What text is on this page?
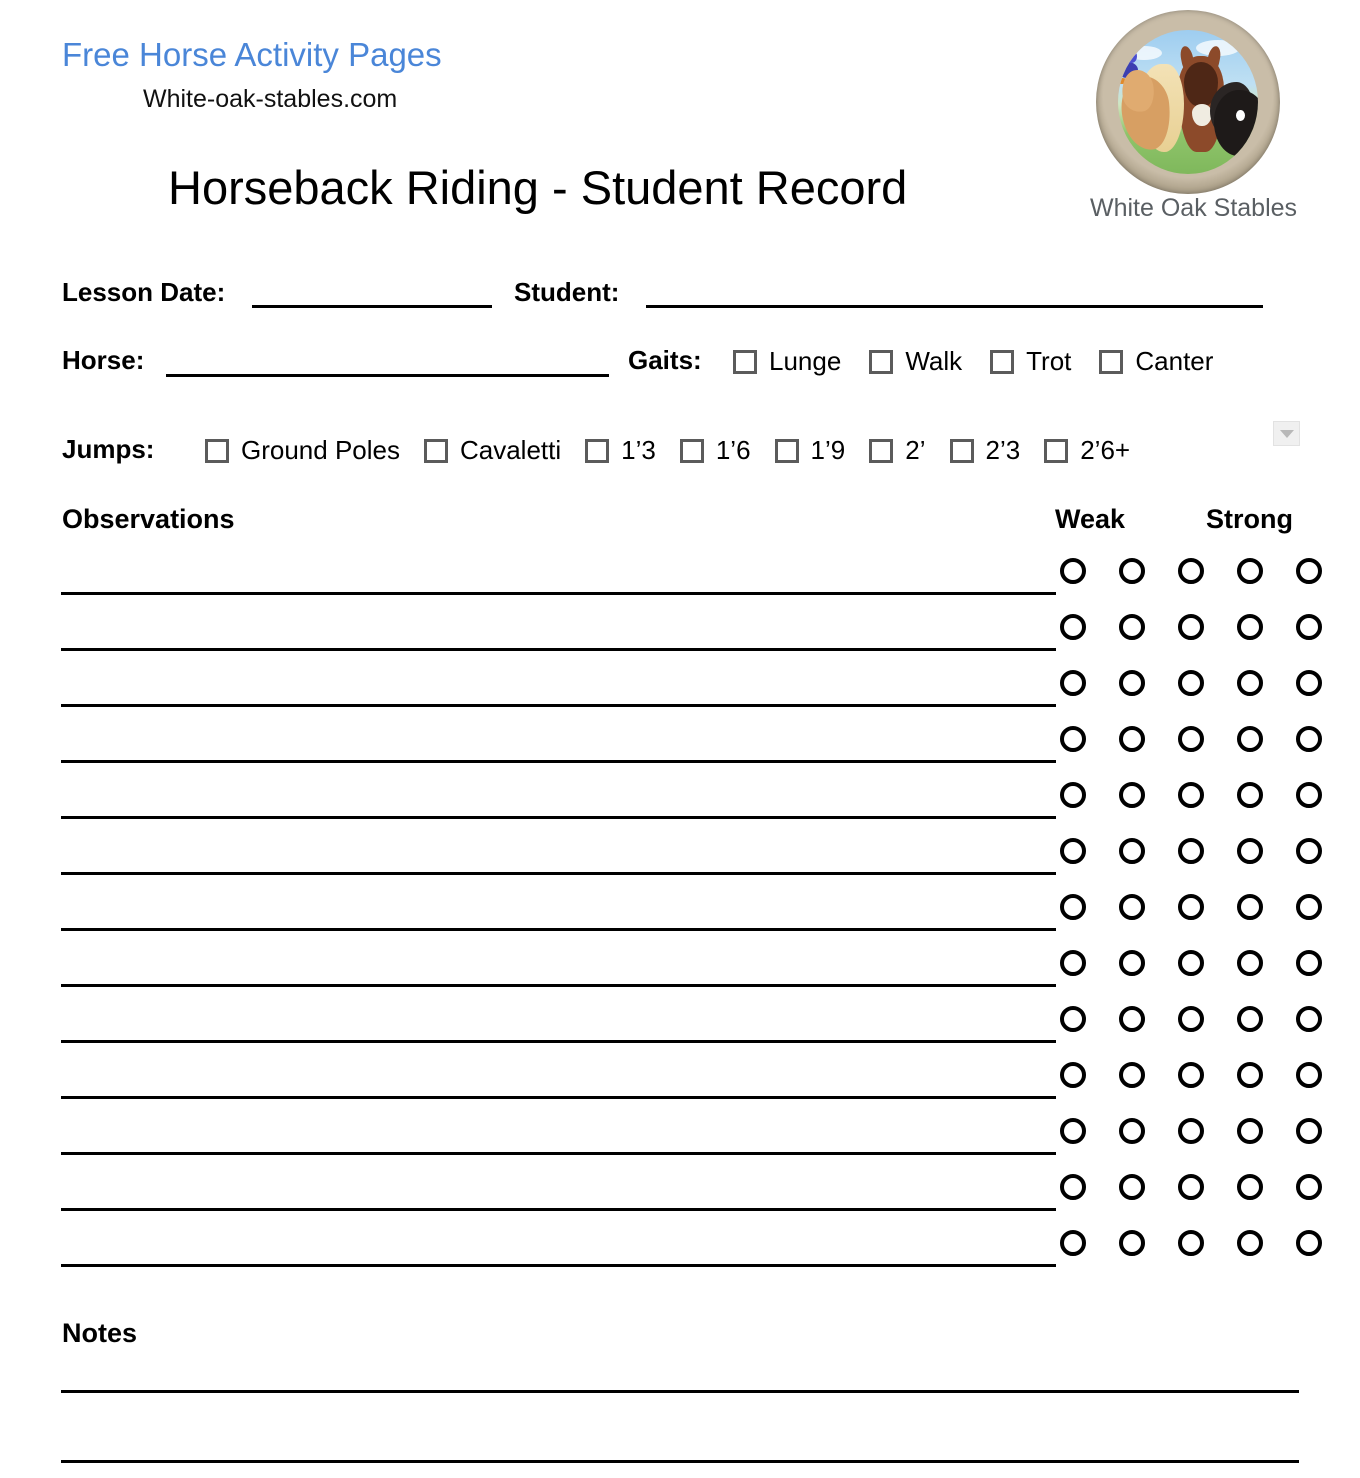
Free Horse Activity Pages
White-oak-stables.com
White Oak Stables
Horseback Riding - Student Record
Lesson Date:	Student:
Horse:	Gaits:	Lunge Walk Trot Canter
Jumps:	Ground Poles Cavaletti 1’3 1’6 1’9 2’ 2’3 2’6+
Observations	Weak	Strong
Notes
